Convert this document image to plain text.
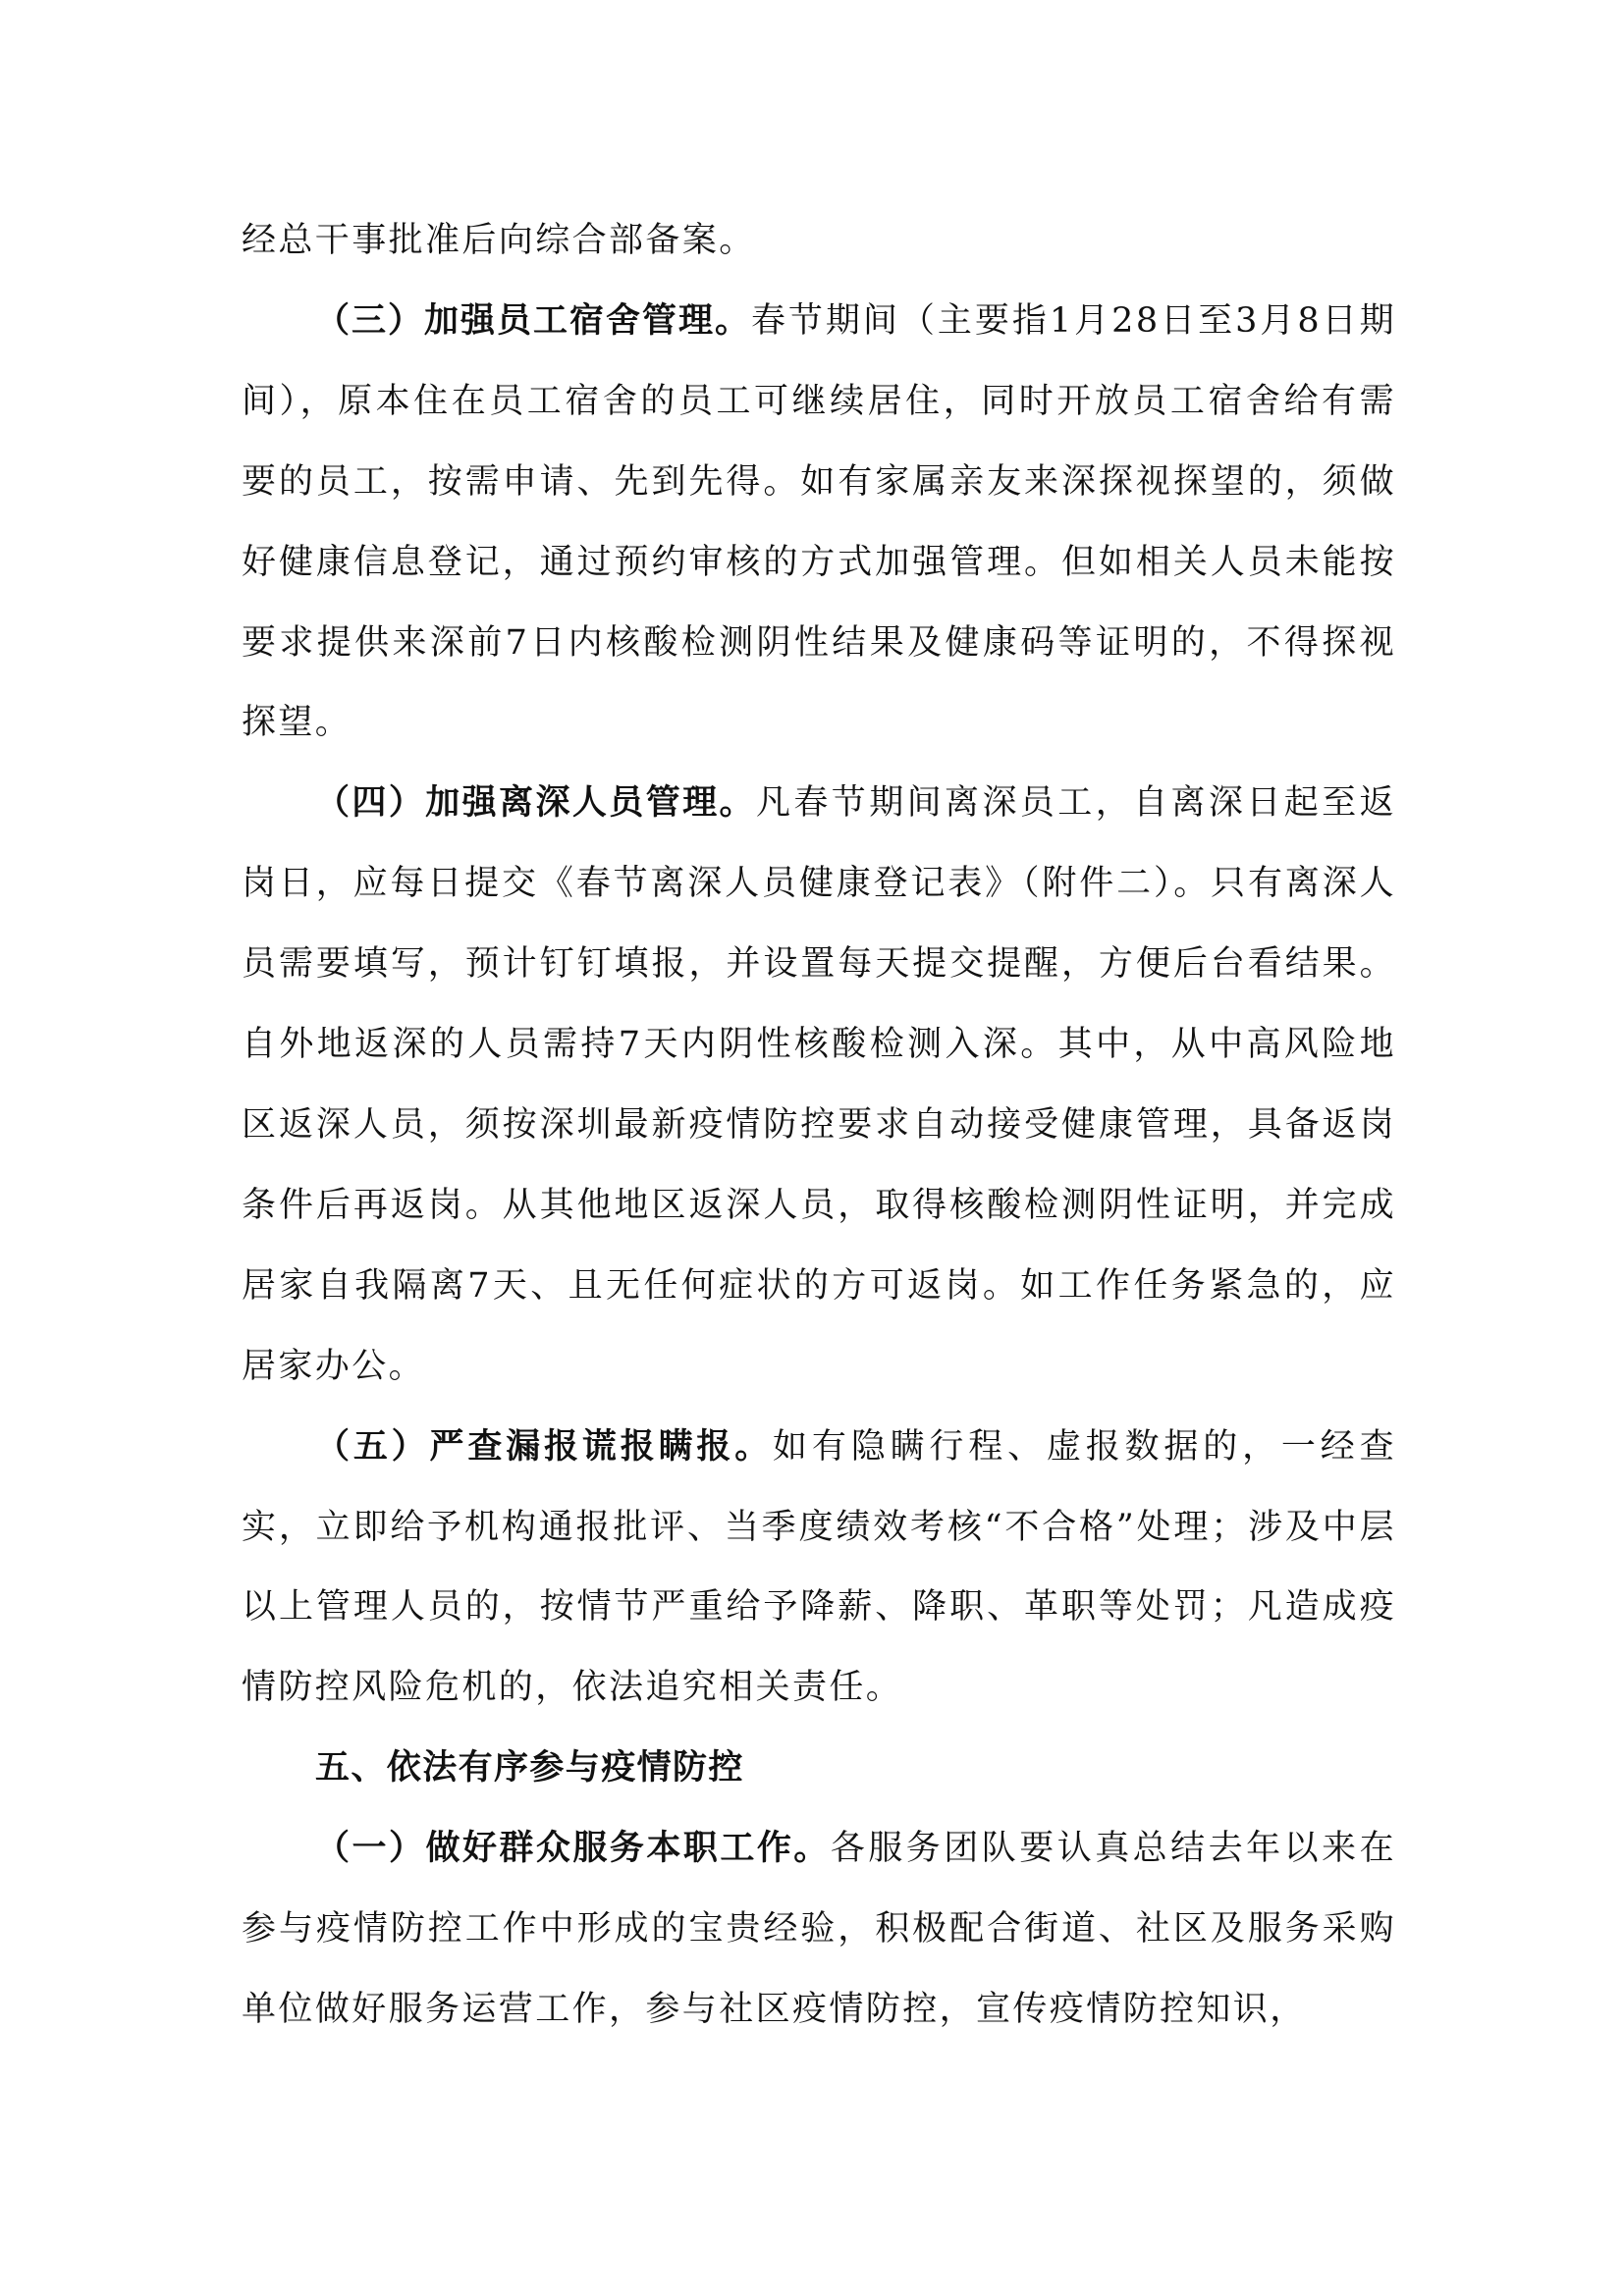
经总干事批准后向综合部备案。

（三）加强员工宿舍管理。春节期间（主要指1月28日至3月8日期间），原本住在员工宿舍的员工可继续居住，同时开放员工宿舍给有需要的员工，按需申请、先到先得。如有家属亲友来深探视探望的，须做好健康信息登记，通过预约审核的方式加强管理。但如相关人员未能按要求提供来深前7日内核酸检测阴性结果及健康码等证明的，不得探视探望。

（四）加强离深人员管理。凡春节期间离深员工，自离深日起至返岗日，应每日提交《春节离深人员健康登记表》（附件二）。只有离深人员需要填写，预计钉钉填报，并设置每天提交提醒，方便后台看结果。自外地返深的人员需持7天内阴性核酸检测入深。其中，从中高风险地区返深人员，须按深圳最新疫情防控要求自动接受健康管理，具备返岗条件后再返岗。从其他地区返深人员，取得核酸检测阴性证明，并完成居家自我隔离7天、且无任何症状的方可返岗。如工作任务紧急的，应居家办公。

（五）严查漏报谎报瞒报。如有隐瞒行程、虚报数据的，一经查实，立即给予机构通报批评、当季度绩效考核“不合格”处理；涉及中层以上管理人员的，按情节严重给予降薪、降职、革职等处罚；凡造成疫情防控风险危机的，依法追究相关责任。

五、依法有序参与疫情防控

（一）做好群众服务本职工作。各服务团队要认真总结去年以来在参与疫情防控工作中形成的宝贵经验，积极配合街道、社区及服务采购单位做好服务运营工作，参与社区疫情防控，宣传疫情防控知识，
